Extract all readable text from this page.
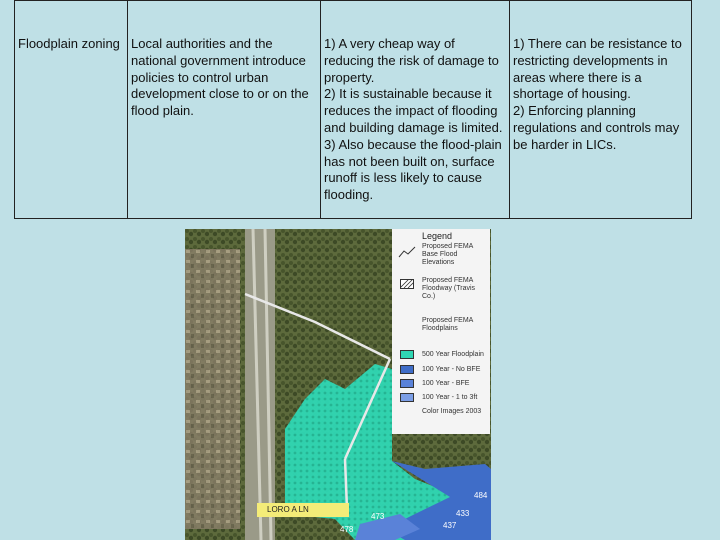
Floodplain zoning Local authorities and the national government introduce policies to control urban development close to or on the flood plain.

1) A very cheap way of reducing the risk of damage to property.

2) It is sustainable because it reduces the impact of flooding and building damage is limited.

3) Also because the flood-plain has not been built on, surface runoff is less likely to cause flooding.

1) There can be resistance to restricting developments in areas where there is a shortage of housing.

2) Enforcing planning regulations and controls may be harder in LICs.

LORO A LN
473
478
484
433
437
Legend
Proposed FEMA Base Flood Elevations
Proposed FEMA Floodway (Travis Co.)
Proposed FEMA Floodplains
500 Year Floodplain
100 Year - No BFE
100 Year - BFE
100 Year - 1 to 3ft
Color Images 2003
